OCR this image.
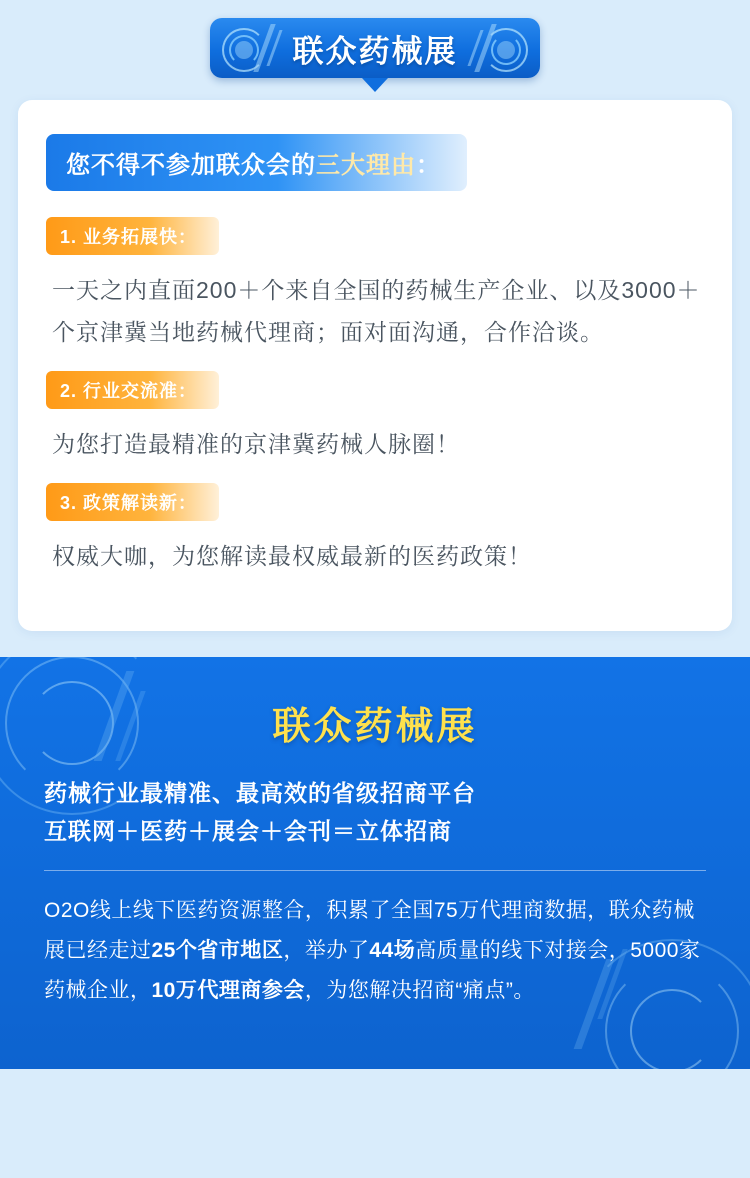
联众药械展
您不得不参加联众会的三大理由：
1. 业务拓展快：
一天之内直面200＋个来自全国的药械生产企业、以及3000＋个京津冀当地药械代理商；面对面沟通，合作洽谈。
2. 行业交流准：
为您打造最精准的京津冀药械人脉圈！
3. 政策解读新：
权威大咖，为您解读最权威最新的医药政策！
联众药械展
药械行业最精准、最高效的省级招商平台
互联网＋医药＋展会＋会刊＝立体招商
O2O线上线下医药资源整合，积累了全国75万代理商数据，联众药械展已经走过25个省市地区，举办了44场高质量的线下对接会，5000家药械企业，10万代理商参会，为您解决招商“痛点”。
